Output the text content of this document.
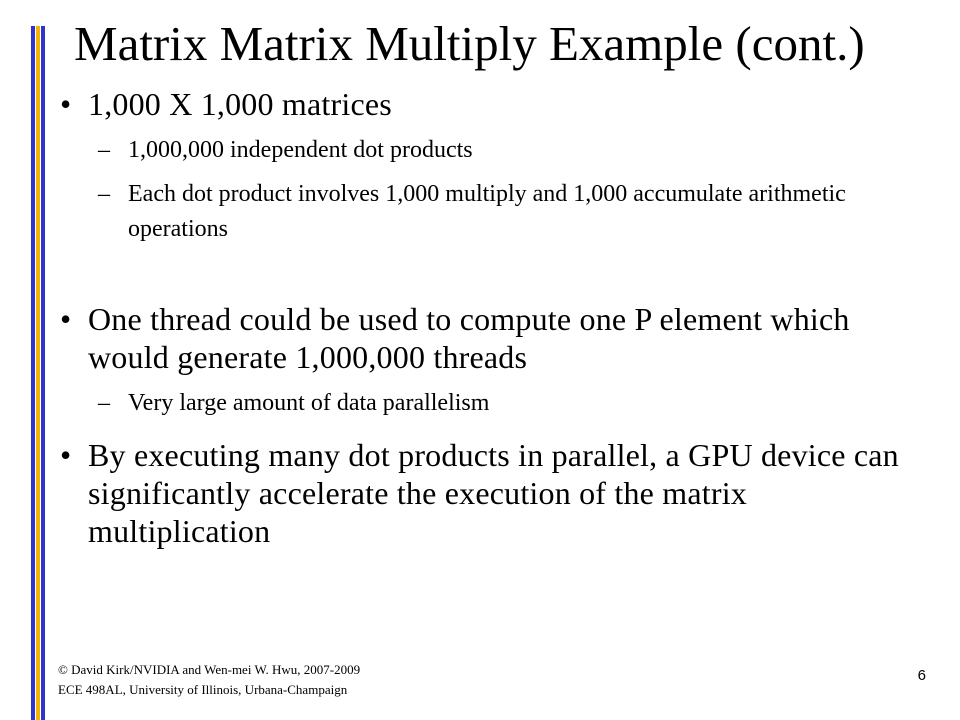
Matrix Matrix Multiply Example (cont.)
• 1,000 X 1,000 matrices
– 1,000,000 independent dot products
– Each dot product involves 1,000 multiply and 1,000 accumulate arithmetic operations
• One thread could be used to compute one P element which would generate 1,000,000 threads
– Very large amount of data parallelism
• By executing many dot products in parallel, a GPU device can significantly accelerate the execution of the matrix multiplication
© David Kirk/NVIDIA and Wen-mei W. Hwu, 2007-2009
ECE 498AL, University of Illinois, Urbana-Champaign
6
